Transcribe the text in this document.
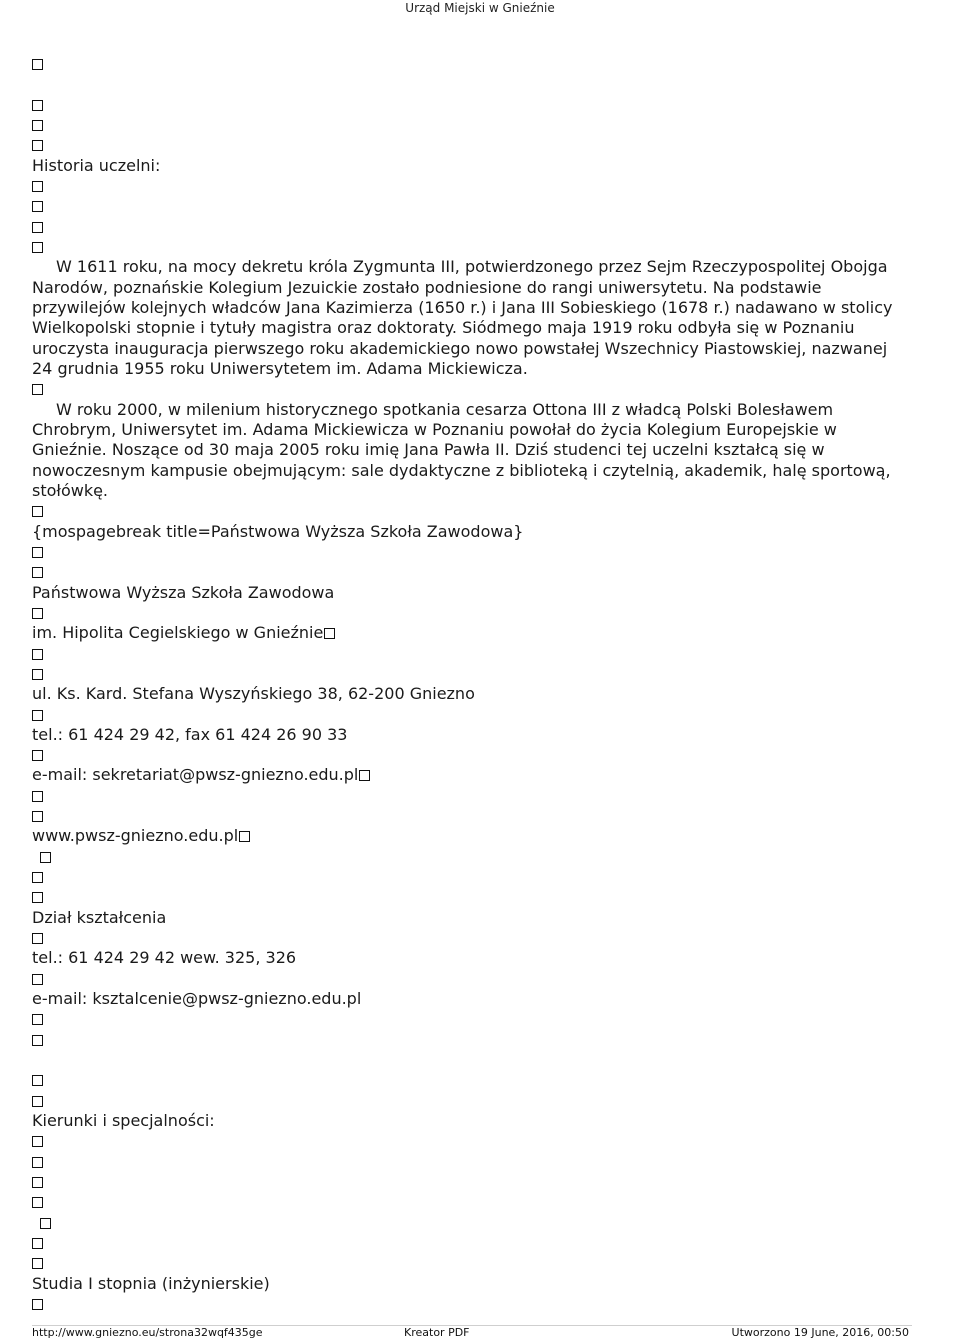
Urząd Miejski w Gnieźnie
Historia uczelni:
W 1611 roku, na mocy dekretu króla Zygmunta III, potwierdzonego przez Sejm Rzeczypospolitej Obojga Narodów, poznańskie Kolegium Jezuickie zostało podniesione do rangi uniwersytetu. Na podstawie przywilejów kolejnych władców Jana Kazimierza (1650 r.) i Jana III Sobieskiego (1678 r.) nadawano w stolicy Wielkopolski stopnie i tytuły magistra oraz doktoraty. Siódmego maja 1919 roku odbyła się w Poznaniu uroczysta inauguracja pierwszego roku akademickiego nowo powstałej Wszechnicy Piastowskiej, nazwanej 24 grudnia 1955 roku Uniwersytetem im. Adama Mickiewicza.
W roku 2000, w milenium historycznego spotkania cesarza Ottona III z władcą Polski Bolesławem Chrobrym, Uniwersytet im. Adama Mickiewicza w Poznaniu powołał do życia Kolegium Europejskie w Gnieźnie. Noszące od 30 maja 2005 roku imię Jana Pawła II. Dziś studenci tej uczelni kształcą się w nowoczesnym kampusie obejmującym: sale dydaktyczne z biblioteką i czytelnią, akademik, halę sportową, stołówkę.
{mospagebreak title=Państwowa Wyższa Szkoła Zawodowa}
Państwowa Wyższa Szkoła Zawodowa
im. Hipolita Cegielskiego w Gnieźnie
ul. Ks. Kard. Stefana Wyszyńskiego 38, 62-200 Gniezno
tel.: 61 424 29 42, fax 61 424 26 90 33
e-mail: sekretariat@pwsz-gniezno.edu.pl
www.pwsz-gniezno.edu.pl
Dział kształcenia
tel.: 61 424 29 42 wew. 325, 326
e-mail: ksztalcenie@pwsz-gniezno.edu.pl
Kierunki i specjalności:
Studia I stopnia (inżynierskie)
http://www.gniezno.eu/strona32wqf435ge	Kreator PDF	Utworzono 19 June, 2016, 00:50
